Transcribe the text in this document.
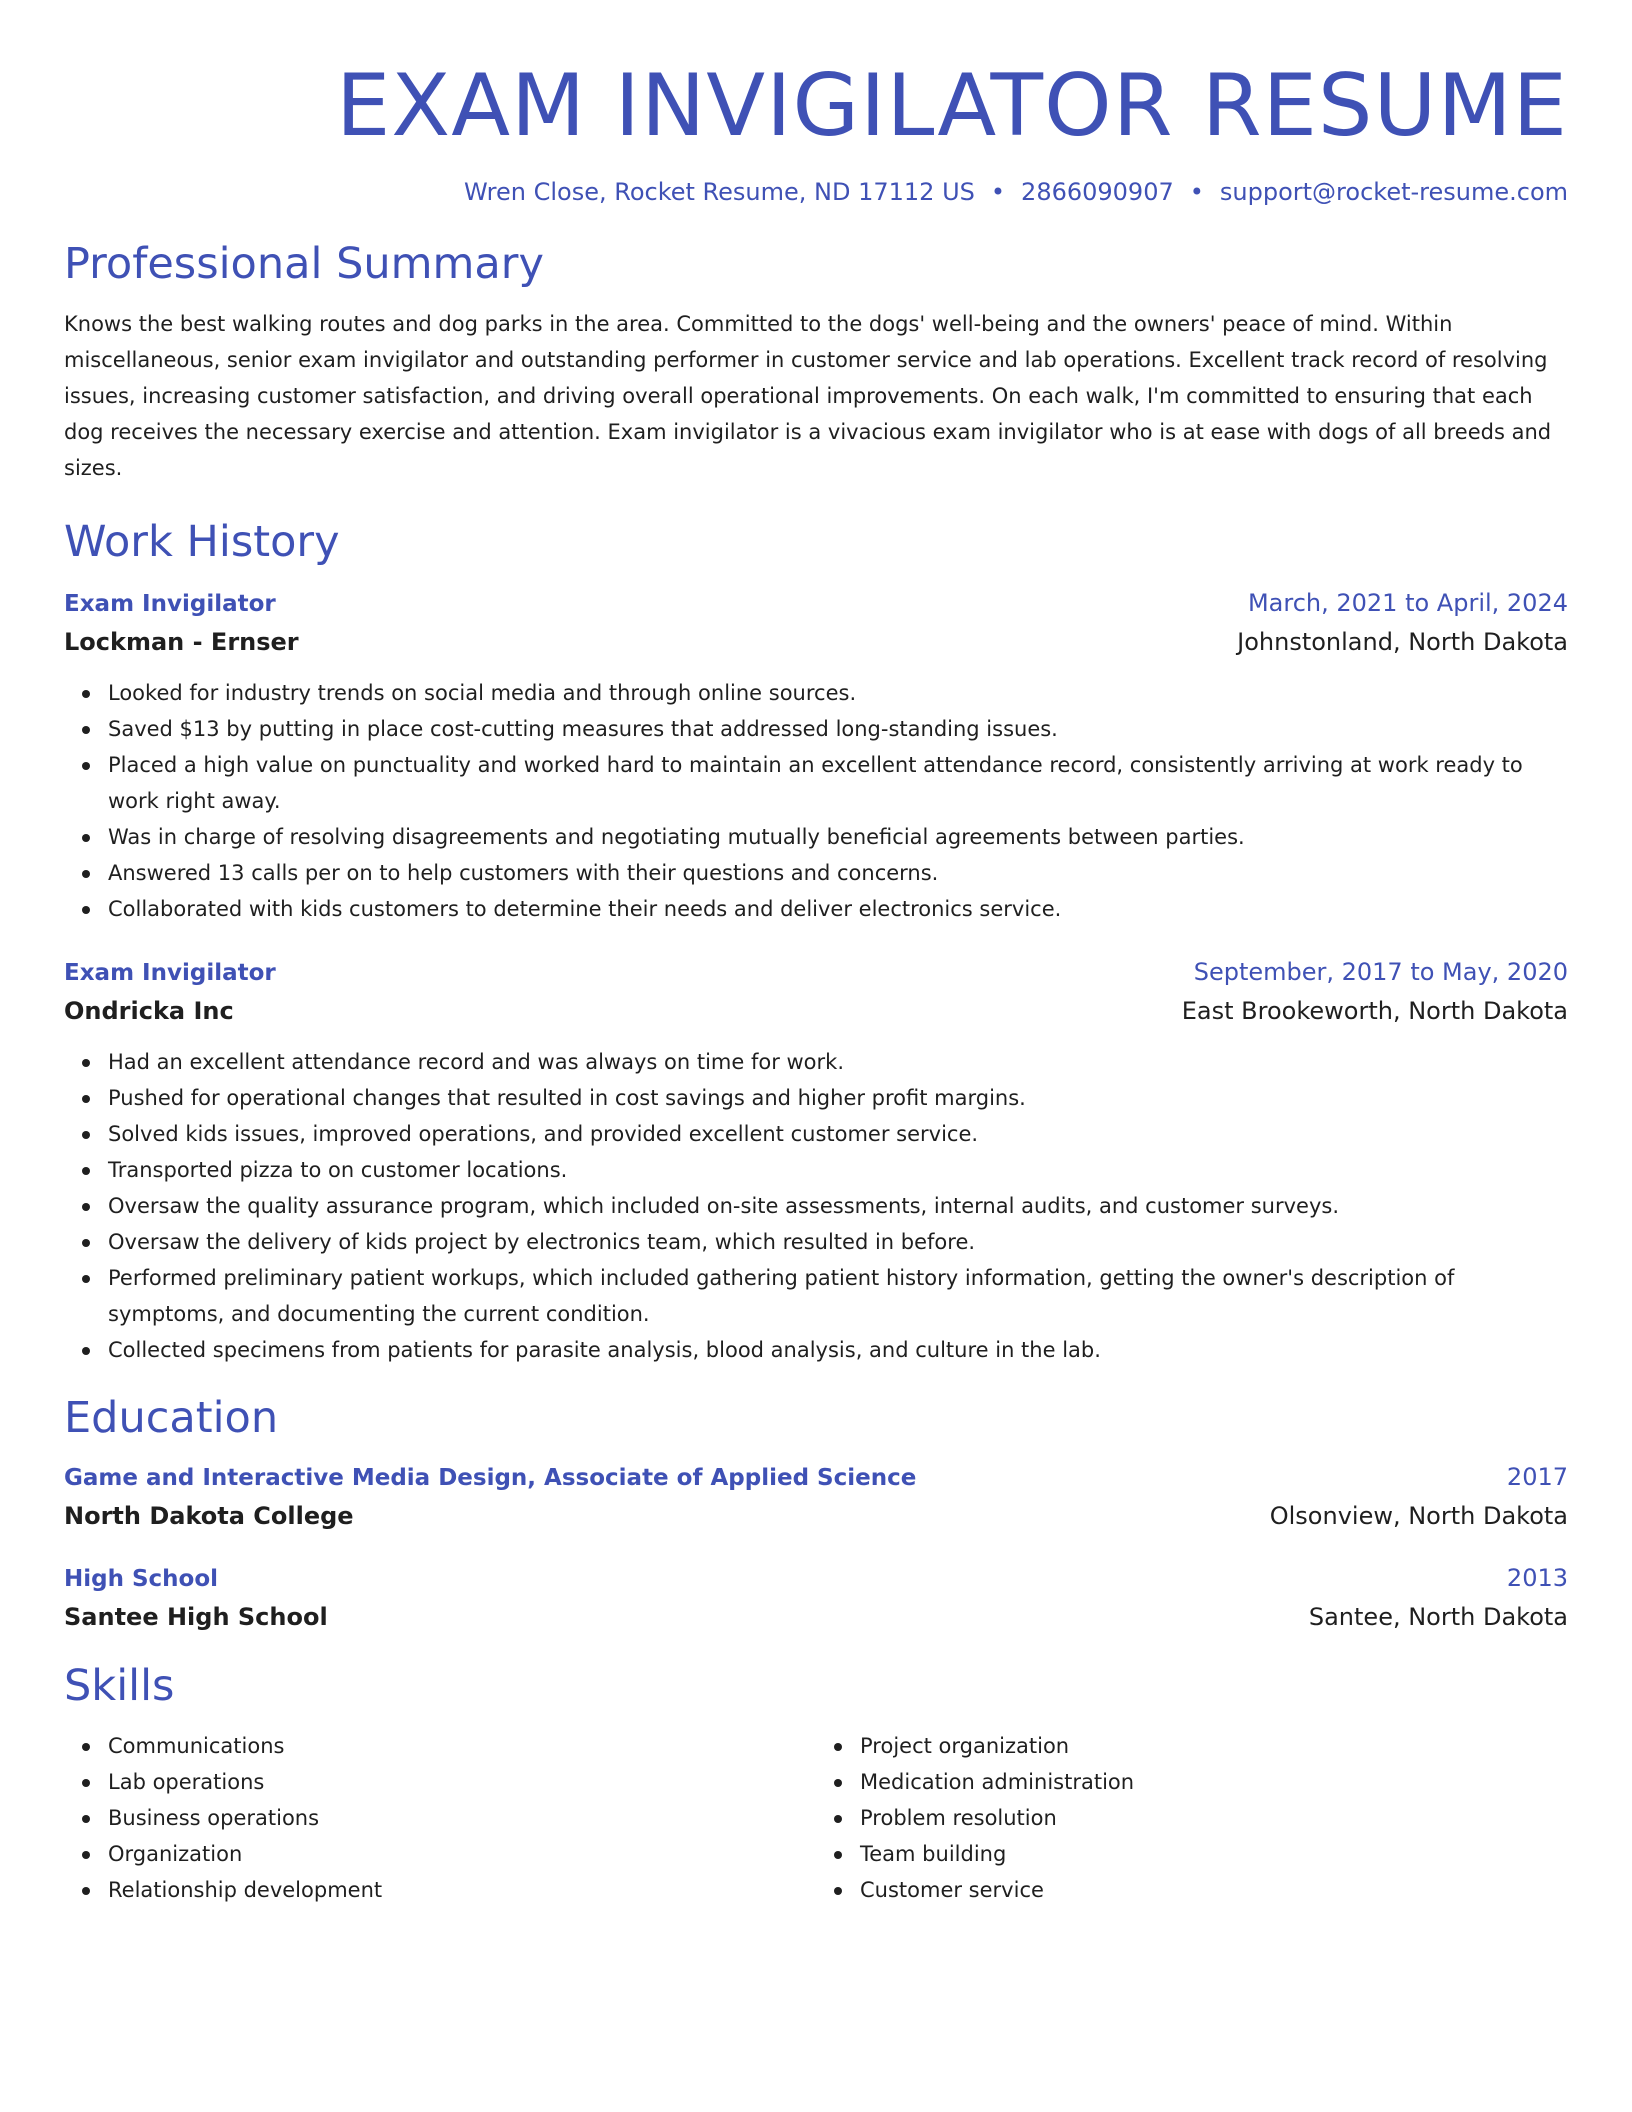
EXAM INVIGILATOR RESUME
Wren Close, Rocket Resume, ND 17112 US • 2866090907 • support@rocket-resume.com
Professional Summary

Knows the best walking routes and dog parks in the area. Committed to the dogs' well-being and the owners' peace of mind. Within miscellaneous, senior exam invigilator and outstanding performer in customer service and lab operations. Excellent track record of resolving issues, increasing customer satisfaction, and driving overall operational improvements. On each walk, I'm committed to ensuring that each dog receives the necessary exercise and attention. Exam invigilator is a vivacious exam invigilator who is at ease with dogs of all breeds and sizes.

Work History
Exam Invigilator	March, 2021 to April, 2024
Lockman - Ernser	Johnstonland, North Dakota
Looked for industry trends on social media and through online sources.
Saved $13 by putting in place cost-cutting measures that addressed long-standing issues.
Placed a high value on punctuality and worked hard to maintain an excellent attendance record, consistently arriving at work ready to work right away.
Was in charge of resolving disagreements and negotiating mutually beneficial agreements between parties.
Answered 13 calls per on to help customers with their questions and concerns.
Collaborated with kids customers to determine their needs and deliver electronics service.
Exam Invigilator	September, 2017 to May, 2020
Ondricka Inc	East Brookeworth, North Dakota
Had an excellent attendance record and was always on time for work.
Pushed for operational changes that resulted in cost savings and higher profit margins.
Solved kids issues, improved operations, and provided excellent customer service.
Transported pizza to on customer locations.
Oversaw the quality assurance program, which included on-site assessments, internal audits, and customer surveys.
Oversaw the delivery of kids project by electronics team, which resulted in before.
Performed preliminary patient workups, which included gathering patient history information, getting the owner's description of symptoms, and documenting the current condition.
Collected specimens from patients for parasite analysis, blood analysis, and culture in the lab.
Education
Game and Interactive Media Design, Associate of Applied Science	2017
North Dakota College	Olsonview, North Dakota
High School	2013
Santee High School	Santee, North Dakota
Skills
Communications
Lab operations
Business operations
Organization
Relationship development
Project organization
Medication administration
Problem resolution
Team building
Customer service
